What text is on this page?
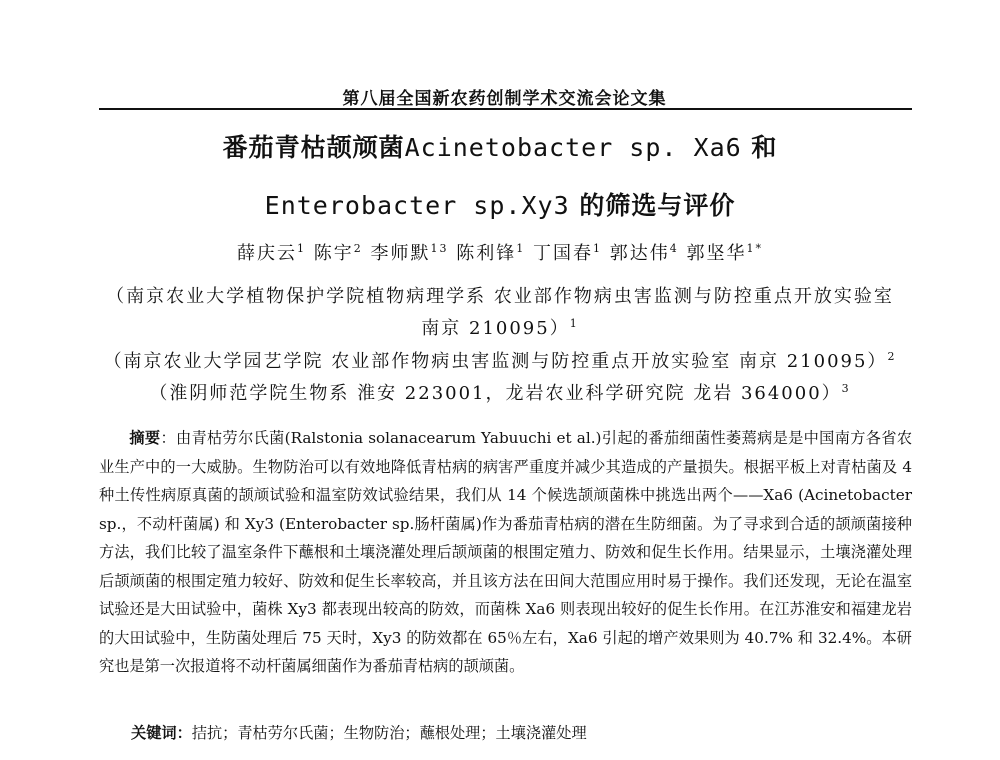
第八届全国新农药创制学术交流会论文集
番茄青枯颉颃菌Acinetobacter sp. Xa6 和
Enterobacter sp.Xy3 的筛选与评价
薛庆云$^1$ 陈宇$^2$ 李师默$^{13}$ 陈利锋$^1$ 丁国春$^1$ 郭达伟$^4$ 郭坚华$^{1*}$
（南京农业大学植物保护学院植物病理学系 农业部作物病虫害监测与防控重点开放实验室
南京 210095）$^1$
（南京农业大学园艺学院 农业部作物病虫害监测与防控重点开放实验室 南京 210095）$^2$
（淮阴师范学院生物系 淮安 223001，龙岩农业科学研究院 龙岩 364000）$^3$
摘要：由青枯劳尔氏菌(Ralstonia solanacearum Yabuuchi et al.)引起的番茄细菌性萎蔫病是是中国南方各省农业生产中的一大威胁。生物防治可以有效地降低青枯病的病害严重度并减少其造成的产量损失。根据平板上对青枯菌及 4 种土传性病原真菌的颉颃试验和温室防效试验结果，我们从 14 个候选颉颃菌株中挑选出两个——Xa6 (Acinetobacter sp.，不动杆菌属) 和 Xy3 (Enterobacter sp.肠杆菌属)作为番茄青枯病的潜在生防细菌。为了寻求到合适的颉颃菌接种方法，我们比较了温室条件下蘸根和土壤浇灌处理后颉颃菌的根围定殖力、防效和促生长作用。结果显示，土壤浇灌处理后颉颃菌的根围定殖力较好、防效和促生长率较高，并且该方法在田间大范围应用时易于操作。我们还发现，无论在温室试验还是大田试验中，菌株 Xy3 都表现出较高的防效，而菌株 Xa6 则表现出较好的促生长作用。在江苏淮安和福建龙岩的大田试验中，生防菌处理后 75 天时，Xy3 的防效都在 65％左右，Xa6 引起的增产效果则为 40.7% 和 32.4%。本研究也是第一次报道将不动杆菌属细菌作为番茄青枯病的颉颃菌。
关键词：拮抗；青枯劳尔氏菌；生物防治；蘸根处理；土壤浇灌处理
